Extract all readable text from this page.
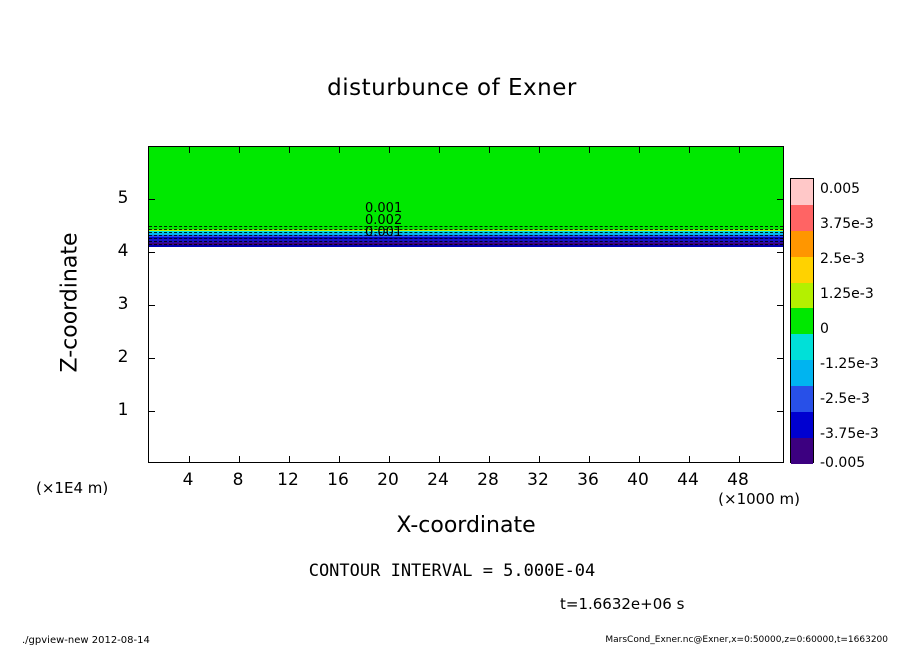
disturbunce of Exner
0.001
0.002
0.001
4	8	12	16	20	24	28	32	36	40	44	48
1
2
3
4
5
X-coordinate
Z-coordinate
(×1000 m)
(×1E4 m)
0.005
3.75e-3
2.5e-3
1.25e-3
0
-1.25e-3
-2.5e-3
-3.75e-3
-0.005
CONTOUR INTERVAL = 5.000E-04
t=1.6632e+06 s
./gpview-new 2012-08-14	MarsCond_Exner.nc@Exner,x=0:50000,z=0:60000,t=1663200
